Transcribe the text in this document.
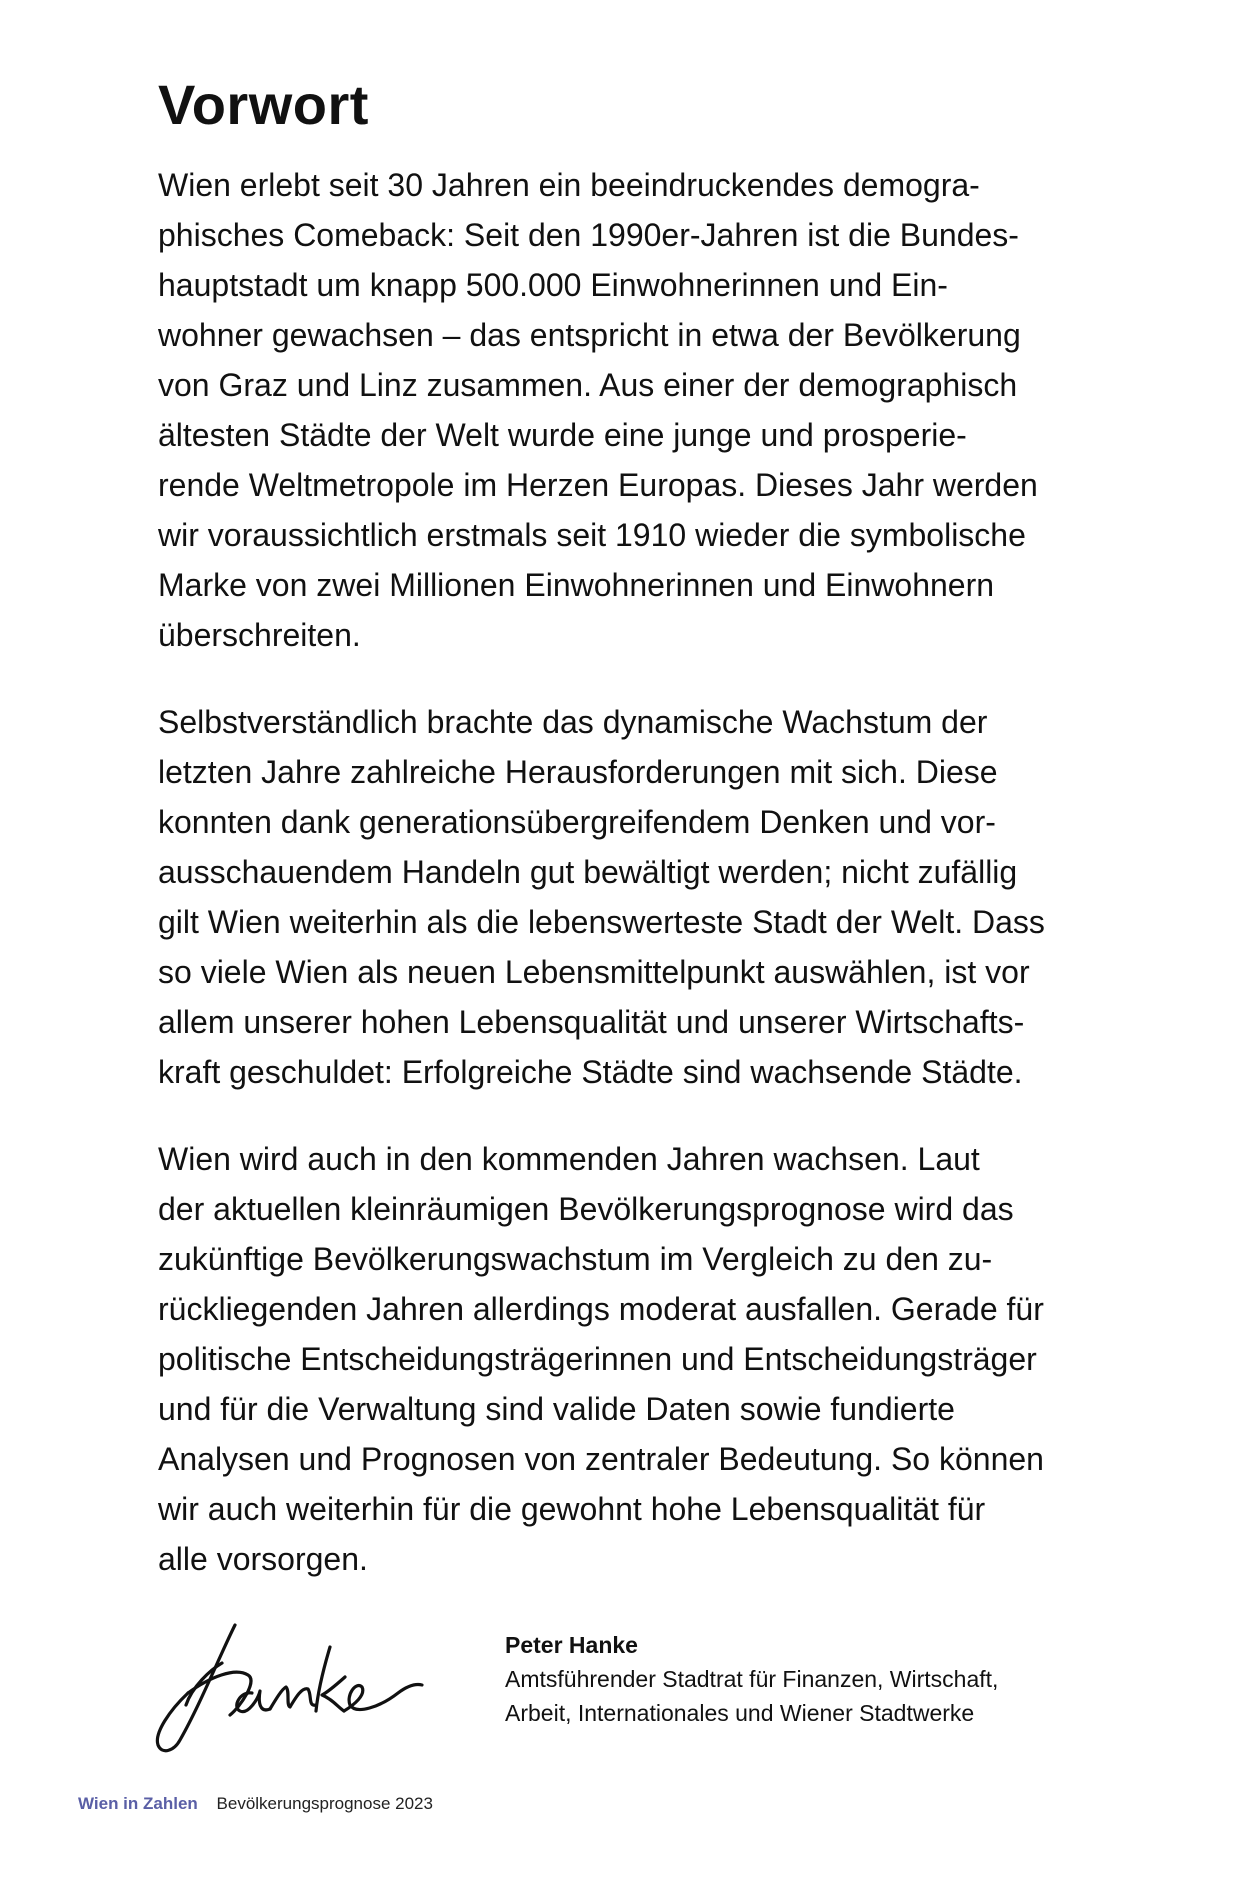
Vorwort

Wien erlebt seit 30 Jahren ein beeindruckendes demogra-
phisches Comeback: Seit den 1990er-Jahren ist die Bundes-
hauptstadt um knapp 500.000 Einwohnerinnen und Ein-
wohner gewachsen – das entspricht in etwa der Bevölkerung
von Graz und Linz zusammen. Aus einer der demographisch
ältesten Städte der Welt wurde eine junge und prosperie-
rende Weltmetropole im Herzen Europas. Dieses Jahr werden
wir voraussichtlich erstmals seit 1910 wieder die symbolische
Marke von zwei Millionen Einwohnerinnen und Einwohnern
überschreiten.

Selbstverständlich brachte das dynamische Wachstum der
letzten Jahre zahlreiche Herausforderungen mit sich. Diese
konnten dank generationsübergreifendem Denken und vor-
ausschauendem Handeln gut bewältigt werden; nicht zufällig
gilt Wien weiterhin als die lebenswerteste Stadt der Welt. Dass
so viele Wien als neuen Lebensmittelpunkt auswählen, ist vor
allem unserer hohen Lebensqualität und unserer Wirtschafts-
kraft geschuldet: Erfolgreiche Städte sind wachsende Städte.

Wien wird auch in den kommenden Jahren wachsen. Laut
der aktuellen kleinräumigen Bevölkerungsprognose wird das
zukünftige Bevölkerungswachstum im Vergleich zu den zu-
rückliegenden Jahren allerdings moderat ausfallen. Gerade für
politische Entscheidungsträgerinnen und Entscheidungsträger
und für die Verwaltung sind valide Daten sowie fundierte
Analysen und Prognosen von zentraler Bedeutung. So können
wir auch weiterhin für die gewohnt hohe Lebensqualität für
alle vorsorgen.

Peter Hanke
Amtsführender Stadtrat für Finanzen, Wirtschaft,
Arbeit, Internationales und Wiener Stadtwerke
Wien in Zahlen Bevölkerungsprognose 2023
